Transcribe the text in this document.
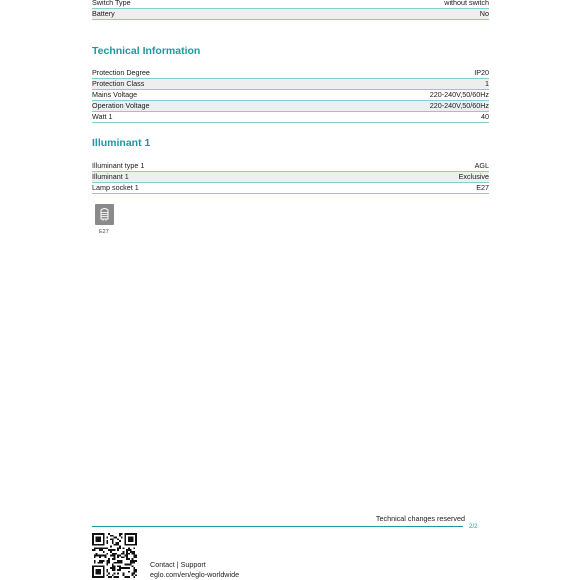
Switch Type	without switch
Battery	No
Technical Information
Protection Degree	IP20
Protection Class	1
Mains Voltage	220-240V,50/60Hz
Operation Voltage	220-240V,50/60Hz
Watt 1	40
Illuminant 1
Illuminant type 1	AGL
Illuminant 1	Exclusive
Lamp socket 1	E27
E27
Technical changes reserved
2/2
Contact | Support
eglo.com/en/eglo-worldwide
